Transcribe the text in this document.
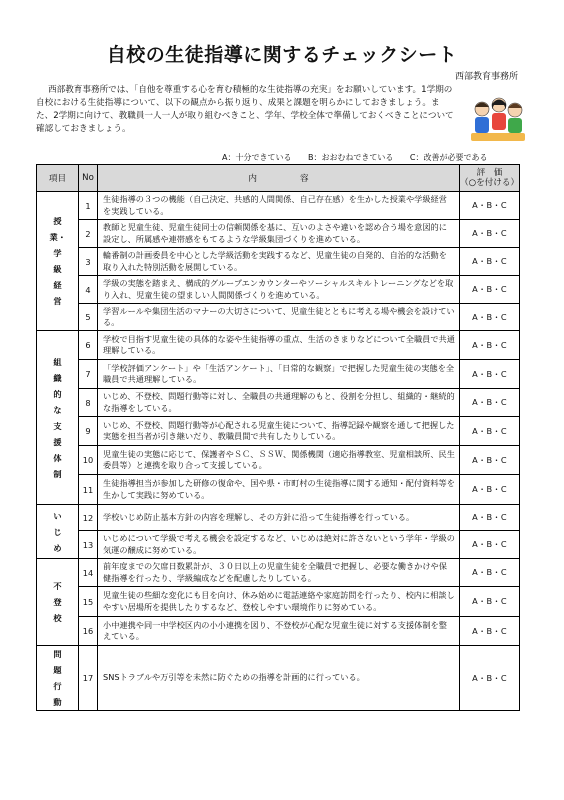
自校の生徒指導に関するチェックシート
西部教育事務所
西部教育事務所では、「自他を尊重する心を育む積極的な生徒指導の充実」をお願いしています。1学期の自校における生徒指導について、以下の観点から振り返り、成果と課題を明らかにしておきましょう。また、2学期に向けて、教職員一人一人が取り組むべきこと、学年、学校全体で準備しておくべきことについて確認しておきましょう。
A：十分できている B：おおむねできている C：改善が必要である
項目	No	内　　　　　容	評　価
（○を付ける）
授業・学級経営	1	生徒指導の３つの機能（自己決定、共感的人間関係、自己存在感）を生かした授業や学級経営を実践している。	A・B・C
	2	教師と児童生徒、児童生徒同士の信頼関係を基に、互いのよさや違いを認め合う場を意図的に設定し、所属感や連帯感をもてるような学級集団づくりを進めている。	A・B・C
	3	輪番制の計画委員を中心とした学級活動を実践するなど、児童生徒の自発的、自治的な活動を取り入れた特別活動を展開している。	A・B・C
	4	学級の実態を踏まえ、構成的グループエンカウンターやソーシャルスキルトレーニングなどを取り入れ、児童生徒の望ましい人間関係づくりを進めている。	A・B・C
	5	学習ルールや集団生活のマナーの大切さについて、児童生徒とともに考える場や機会を設けている。	A・B・C
組織的な支援体制	6	学校で目指す児童生徒の具体的な姿や生徒指導の重点、生活のきまりなどについて全職員で共通理解している。	A・B・C
	7	「学校評価アンケート」や「生活アンケート」、「日常的な観察」で把握した児童生徒の実態を全職員で共通理解している。	A・B・C
	8	いじめ、不登校、問題行動等に対し、全職員の共通理解のもと、役割を分担し、組織的・継続的な指導をしている。	A・B・C
	9	いじめ、不登校、問題行動等が心配される児童生徒について、指導記録や観察を通して把握した実態を担当者が引き継いだり、教職員間で共有したりしている。	A・B・C
	10	児童生徒の実態に応じて、保護者やＳＣ、ＳＳＷ、関係機関（適応指導教室、児童相談所、民生委員等）と連携を取り合って支援している。	A・B・C
	11	生徒指導担当が参加した研修の復命や、国や県・市町村の生徒指導に関する通知・配付資料等を生かして実践に努めている。	A・B・C
いじめ	12	学校いじめ防止基本方針の内容を理解し、その方針に沿って生徒指導を行っている。	A・B・C
	13	いじめについて学級で考える機会を設定するなど、いじめは絶対に許さないという学年・学級の気運の醸成に努めている。	A・B・C
不登校	14	前年度までの欠席日数累計が、３０日以上の児童生徒を全職員で把握し、必要な働きかけや保健指導を行ったり、学級編成などを配慮したりしている。	A・B・C
	15	児童生徒の些細な変化にも目を向け、休み始めに電話連絡や家庭訪問を行ったり、校内に相談しやすい居場所を提供したりするなど、登校しやすい環境作りに努めている。	A・B・C
	16	小中連携や同一中学校区内の小小連携を図り、不登校が心配な児童生徒に対する支援体制を整えている。	A・B・C
問題行動	17	SNSトラブルや万引等を未然に防ぐための指導を計画的に行っている。	A・B・C
